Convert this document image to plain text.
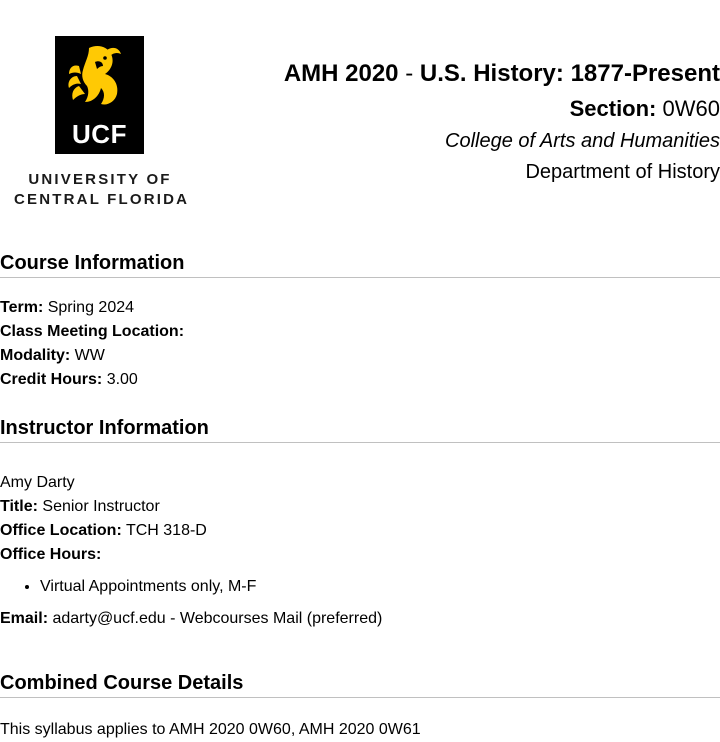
UCF
UNIVERSITY OF
CENTRAL FLORIDA
AMH 2020 - U.S. History: 1877-Present
Section: 0W60
College of Arts and Humanities
Department of History
Course Information
Term: Spring 2024
Class Meeting Location:
Modality: WW
Credit Hours: 3.00
Instructor Information
Amy Darty
Title: Senior Instructor
Office Location: TCH 318-D
Office Hours:
• Virtual Appointments only, M-F
Email: adarty@ucf.edu - Webcourses Mail (preferred)
Combined Course Details
This syllabus applies to AMH 2020 0W60, AMH 2020 0W61
